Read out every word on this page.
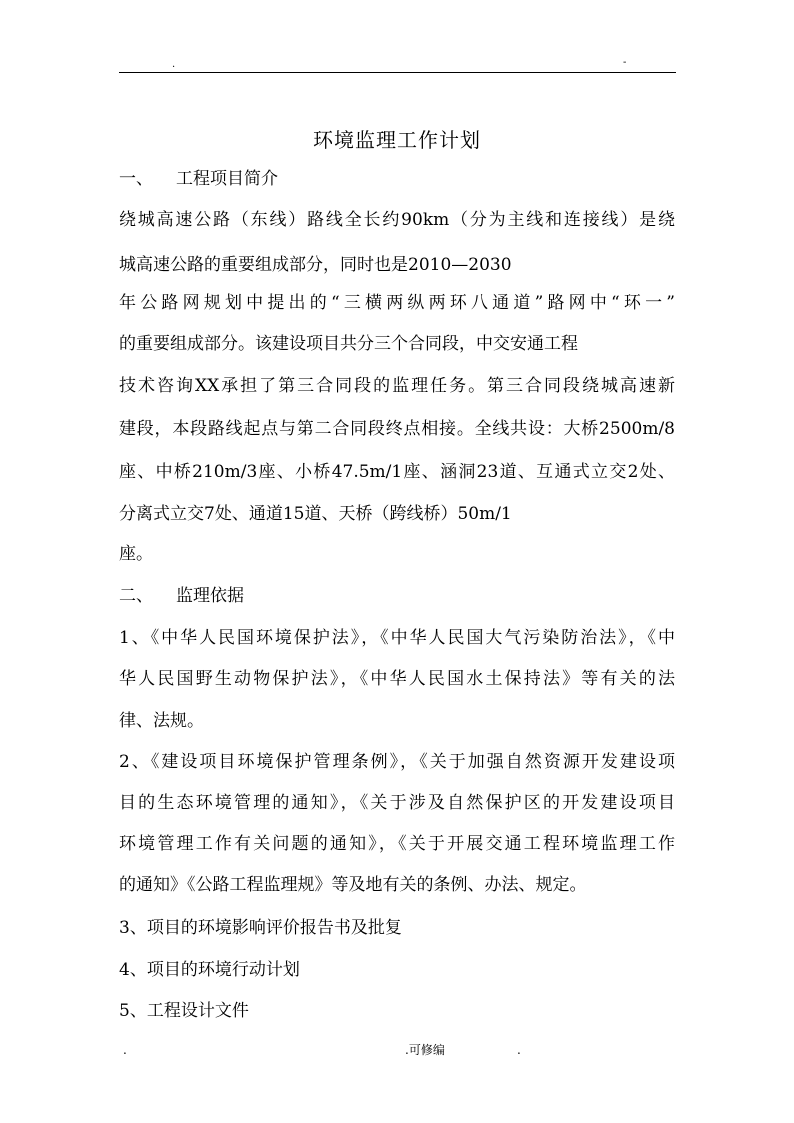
.	-
环境监理工作计划
一、 工程项目简介
绕城高速公路（东线）路线全长约90km（分为主线和连接线）是绕
城高速公路的重要组成部分，同时也是2010—2030
年公路网规划中提出的“三横两纵两环八通道”路网中“环一”
的重要组成部分。该建设项目共分三个合同段，中交安通工程
技术咨询XX承担了第三合同段的监理任务。第三合同段绕城高速新
建段，本段路线起点与第二合同段终点相接。全线共设：大桥2500m/8
座、中桥210m/3座、小桥47.5m/1座、涵洞23道、互通式立交2处、
分离式立交7处、通道15道、天桥（跨线桥）50m/1
座。
二、 监理依据
1、《中华人民国环境保护法》，《中华人民国大气污染防治法》，《中
华人民国野生动物保护法》，《中华人民国水土保持法》等有关的法
律、法规。
2、《建设项目环境保护管理条例》，《关于加强自然资源开发建设项
目的生态环境管理的通知》，《关于涉及自然保护区的开发建设项目
环境管理工作有关问题的通知》，《关于开展交通工程环境监理工作
的通知》《公路工程监理规》等及地有关的条例、办法、规定。
3、项目的环境影响评价报告书及批复
4、项目的环境行动计划
5、工程设计文件
.	.可修编	.
